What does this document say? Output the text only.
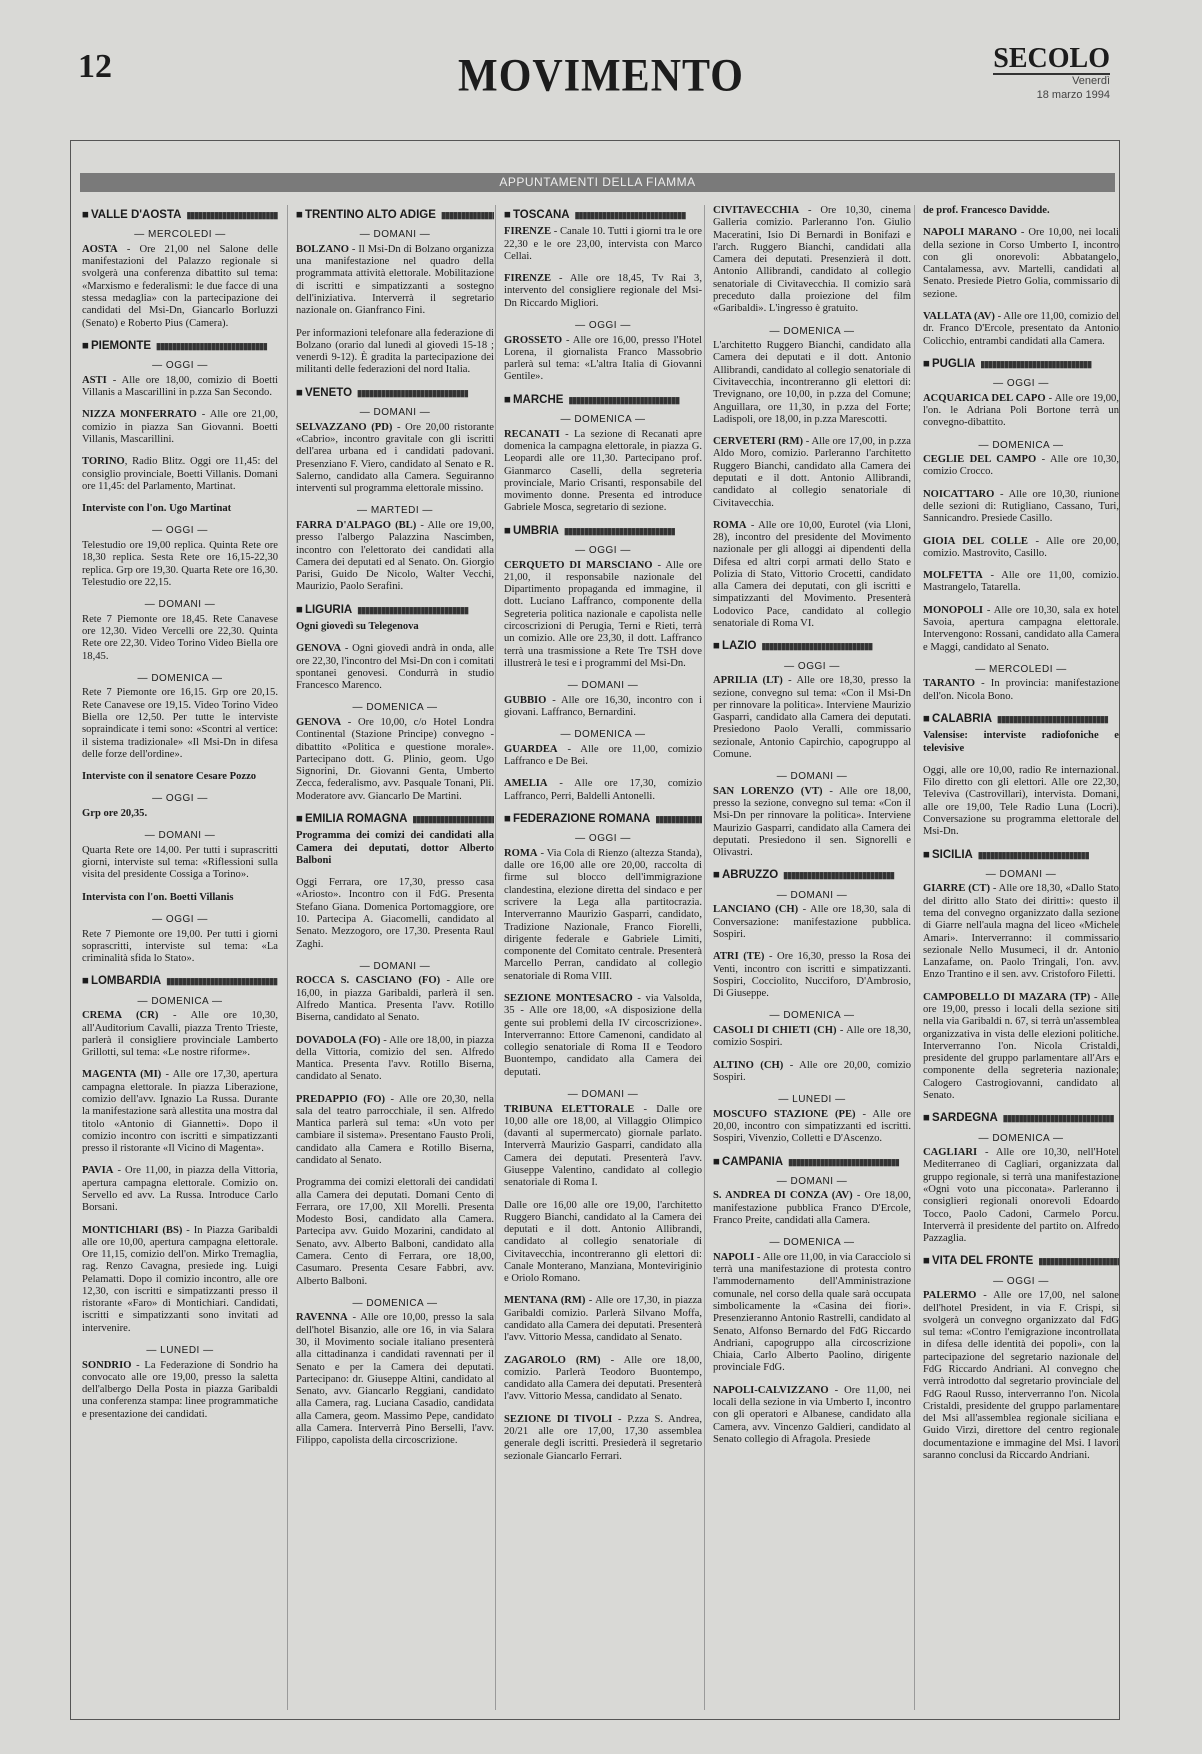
12	MOVIMENTO	SECOLO
Venerdì
18 marzo 1994
APPUNTAMENTI DELLA FIAMMA
■ VALLE D'AOSTA ▮▮▮▮▮▮▮▮▮▮▮▮▮▮▮▮▮▮▮▮▮▮▮▮▮▮▮▮
— MERCOLEDI —

AOSTA - Ore 21,00 nel Salone delle manifestazioni del Palazzo regionale si svolgerà una conferenza dibattito sul tema: «Marxismo e federalismi: le due facce di una stessa medaglia» con la partecipazione dei candidati del Msi-Dn, Giancarlo Borluzzi (Senato) e Roberto Pius (Camera).

■ PIEMONTE ▮▮▮▮▮▮▮▮▮▮▮▮▮▮▮▮▮▮▮▮▮▮▮▮▮▮▮▮
— OGGI —

ASTI - Alle ore 18,00, comizio di Boetti Villanis a Mascarillini in p.zza San Secondo.

NIZZA MONFERRATO - Alle ore 21,00, comizio in piazza San Giovanni. Boetti Villanis, Mascarillini.

TORINO, Radio Blitz. Oggi ore 11,45: del consiglio provinciale, Boetti Villanis. Domani ore 11,45: del Parlamento, Martinat.

Interviste con l'on. Ugo Martinat

— OGGI —

Telestudio ore 19,00 replica. Quinta Rete ore 18,30 replica. Sesta Rete ore 16,15-22,30 replica. Grp ore 19,30. Quarta Rete ore 16,30. Telestudio ore 22,15.

— DOMANI —

Rete 7 Piemonte ore 18,45. Rete Canavese ore 12,30. Video Vercelli ore 22,30. Quinta Rete ore 22,30. Video Torino Video Biella ore 18,45.

— DOMENICA —

Rete 7 Piemonte ore 16,15. Grp ore 20,15. Rete Canavese ore 19,15. Video Torino Video Biella ore 12,50. Per tutte le interviste sopraindicate i temi sono: «Scontri al vertice: il sistema tradizionale» «Il Msi-Dn in difesa delle forze dell'ordine».

Interviste con il senatore Cesare Pozzo

— OGGI —

Grp ore 20,35.

— DOMANI —

Quarta Rete ore 14,00. Per tutti i suprascritti giorni, interviste sul tema: «Riflessioni sulla visita del presidente Cossiga a Torino».

Intervista con l'on. Boetti Villanis

— OGGI —

Rete 7 Piemonte ore 19,00. Per tutti i giorni soprascritti, interviste sul tema: «La criminalità sfida lo Stato».

■ LOMBARDIA ▮▮▮▮▮▮▮▮▮▮▮▮▮▮▮▮▮▮▮▮▮▮▮▮▮▮▮▮
— DOMENICA —

CREMA (CR) - Alle ore 10,30, all'Auditorium Cavalli, piazza Trento Trieste, parlerà il consigliere provinciale Lamberto Grillotti, sul tema: «Le nostre riforme».

MAGENTA (MI) - Alle ore 17,30, apertura campagna elettorale. In piazza Liberazione, comizio dell'avv. Ignazio La Russa. Durante la manifestazione sarà allestita una mostra dal titolo «Antonio di Giannetti». Dopo il comizio incontro con iscritti e simpatizzanti presso il ristorante «Il Vicino di Magenta».

PAVIA - Ore 11,00, in piazza della Vittoria, apertura campagna elettorale. Comizio on. Servello ed avv. La Russa. Introduce Carlo Borsani.

MONTICHIARI (BS) - In Piazza Garibaldi alle ore 10,00, apertura campagna elettorale. Ore 11,15, comizio dell'on. Mirko Tremaglia, rag. Renzo Cavagna, presiede ing. Luigi Pelamatti. Dopo il comizio incontro, alle ore 12,30, con iscritti e simpatizzanti presso il ristorante «Faro» di Montichiari. Candidati, iscritti e simpatizzanti sono invitati ad intervenire.

— LUNEDI —

SONDRIO - La Federazione di Sondrio ha convocato alle ore 19,00, presso la saletta dell'albergo Della Posta in piazza Garibaldi una conferenza stampa: linee programmatiche e presentazione dei candidati.

■ TRENTINO ALTO ADIGE ▮▮▮▮▮▮▮▮▮▮▮▮▮▮▮▮▮▮▮▮▮▮▮▮▮▮▮▮
— DOMANI —

BOLZANO - Il Msi-Dn di Bolzano organizza una manifestazione nel quadro della programmata attività elettorale. Mobilitazione di iscritti e simpatizzanti a sostegno dell'iniziativa. Interverrà il segretario nazionale on. Gianfranco Fini.

Per informazioni telefonare alla federazione di Bolzano (orario dal lunedì al giovedì 15-18 ; venerdì 9-12). È gradita la partecipazione dei militanti delle federazioni del nord Italia.

■ VENETO ▮▮▮▮▮▮▮▮▮▮▮▮▮▮▮▮▮▮▮▮▮▮▮▮▮▮▮▮
— DOMANI —

SELVAZZANO (PD) - Ore 20,00 ristorante «Cabrio», incontro gravitale con gli iscritti dell'area urbana ed i candidati padovani. Presenziano F. Viero, candidato al Senato e R. Salerno, candidato alla Camera. Seguiranno interventi sul programma elettorale missino.

— MARTEDI —

FARRA D'ALPAGO (BL) - Alle ore 19,00, presso l'albergo Palazzina Nascimben, incontro con l'elettorato dei candidati alla Camera dei deputati ed al Senato. On. Giorgio Parisi, Guido De Nicolo, Walter Vecchi, Maurizio, Paolo Serafini.

■ LIGURIA ▮▮▮▮▮▮▮▮▮▮▮▮▮▮▮▮▮▮▮▮▮▮▮▮▮▮▮▮

Ogni giovedì su Telegenova

GENOVA - Ogni giovedì andrà in onda, alle ore 22,30, l'incontro del Msi-Dn con i comitati spontanei genovesi. Condurrà in studio Francesco Marenco.

— DOMENICA —

GENOVA - Ore 10,00, c/o Hotel Londra Continental (Stazione Principe) convegno - dibattito «Politica e questione morale». Partecipano dott. G. Plinio, geom. Ugo Signorini, Dr. Giovanni Genta, Umberto Zecca, federalismo, avv. Pasquale Tonani, Pli. Moderatore avv. Giancarlo De Martini.

■ EMILIA ROMAGNA ▮▮▮▮▮▮▮▮▮▮▮▮▮▮▮▮▮▮▮▮▮▮▮▮▮▮▮▮

Programma dei comizi dei candidati alla Camera dei deputati, dottor Alberto Balboni

Oggi Ferrara, ore 17,30, presso casa «Ariosto». Incontro con il FdG. Presenta Stefano Giana. Domenica Portomaggiore, ore 10. Partecipa A. Giacomelli, candidato al Senato. Mezzogoro, ore 17,30. Presenta Raul Zaghi.

— DOMANI —

ROCCA S. CASCIANO (FO) - Alle ore 16,00, in piazza Garibaldi, parlerà il sen. Alfredo Mantica. Presenta l'avv. Rotillo Biserna, candidato al Senato.

DOVADOLA (FO) - Alle ore 18,00, in piazza della Vittoria, comizio del sen. Alfredo Mantica. Presenta l'avv. Rotillo Biserna, candidato al Senato.

PREDAPPIO (FO) - Alle ore 20,30, nella sala del teatro parrocchiale, il sen. Alfredo Mantica parlerà sul tema: «Un voto per cambiare il sistema». Presentano Fausto Proli, candidato alla Camera e Rotillo Biserna, candidato al Senato.

Programma dei comizi elettorali dei candidati alla Camera dei deputati. Domani Cento di Ferrara, ore 17,00, Xll Morelli. Presenta Modesto Bosi, candidato alla Camera. Partecipa avv. Guido Mozarini, candidato al Senato, avv. Alberto Balboni, candidato alla Camera. Cento di Ferrara, ore 18,00, Casumaro. Presenta Cesare Fabbri, avv. Alberto Balboni.

— DOMENICA —

RAVENNA - Alle ore 10,00, presso la sala dell'hotel Bisanzio, alle ore 16, in via Salara 30, il Movimento sociale italiano presenterà alla cittadinanza i candidati ravennati per il Senato e per la Camera dei deputati. Partecipano: dr. Giuseppe Altini, candidato al Senato, avv. Giancarlo Reggiani, candidato alla Camera, rag. Luciana Casadio, candidata alla Camera, geom. Massimo Pepe, candidato alla Camera. Interverrà Pino Berselli, l'avv. Filippo, capolista della circoscrizione.

■ TOSCANA ▮▮▮▮▮▮▮▮▮▮▮▮▮▮▮▮▮▮▮▮▮▮▮▮▮▮▮▮

FIRENZE - Canale 10. Tutti i giorni tra le ore 22,30 e le ore 23,00, intervista con Marco Cellai.

FIRENZE - Alle ore 18,45, Tv Rai 3, intervento del consigliere regionale del Msi-Dn Riccardo Migliori.

— OGGI —

GROSSETO - Alle ore 16,00, presso l'Hotel Lorena, il giornalista Franco Massobrio parlerà sul tema: «L'altra Italia di Giovanni Gentile».

■ MARCHE ▮▮▮▮▮▮▮▮▮▮▮▮▮▮▮▮▮▮▮▮▮▮▮▮▮▮▮▮
— DOMENICA —

RECANATI - La sezione di Recanati apre domenica la campagna elettorale, in piazza G. Leopardi alle ore 11,30. Partecipano prof. Gianmarco Caselli, della segreteria provinciale, Mario Crisanti, responsabile del movimento donne. Presenta ed introduce Gabriele Mosca, segretario di sezione.

■ UMBRIA ▮▮▮▮▮▮▮▮▮▮▮▮▮▮▮▮▮▮▮▮▮▮▮▮▮▮▮▮
— OGGI —

CERQUETO DI MARSCIANO - Alle ore 21,00, il responsabile nazionale del Dipartimento propaganda ed immagine, il dott. Luciano Laffranco, componente della Segreteria politica nazionale e capolista nelle circoscrizioni di Perugia, Terni e Rieti, terrà un comizio. Alle ore 23,30, il dott. Laffranco terrà una trasmissione a Rete Tre TSH dove illustrerà le tesi e i programmi del Msi-Dn.

— DOMANI —

GUBBIO - Alle ore 16,30, incontro con i giovani. Laffranco, Bernardini.

— DOMENICA —

GUARDEA - Alle ore 11,00, comizio Laffranco e De Bei.

AMELIA - Alle ore 17,30, comizio Laffranco, Perri, Baldelli Antonelli.

■ FEDERAZIONE ROMANA ▮▮▮▮▮▮▮▮▮▮▮▮▮▮▮▮▮▮▮▮▮▮▮▮▮▮▮▮
— OGGI —

ROMA - Via Cola di Rienzo (altezza Standa), dalle ore 16,00 alle ore 20,00, raccolta di firme sul blocco dell'immigrazione clandestina, elezione diretta del sindaco e per scrivere la Lega alla partitocrazia. Interverranno Maurizio Gasparri, candidato, Tradizione Nazionale, Franco Fiorelli, dirigente federale e Gabriele Limiti, componente del Comitato centrale. Presenterà Marcello Perran, candidato al collegio senatoriale di Roma VIII.

SEZIONE MONTESACRO - via Valsolda, 35 - Alle ore 18,00, «A disposizione della gente sui problemi della IV circoscrizione». Interverranno: Ettore Camenoni, candidato al collegio senatoriale di Roma II e Teodoro Buontempo, candidato alla Camera dei deputati.

— DOMANI —

TRIBUNA ELETTORALE - Dalle ore 10,00 alle ore 18,00, al Villaggio Olimpico (davanti al supermercato) giornale parlato. Interverrà Maurizio Gasparri, candidato alla Camera dei deputati. Presenterà l'avv. Giuseppe Valentino, candidato al collegio senatoriale di Roma I.

Dalle ore 16,00 alle ore 19,00, l'architetto Ruggero Bianchi, candidato al la Camera dei deputati e il dott. Antonio Allibrandi, candidato al collegio senatoriale di Civitavecchia, incontreranno gli elettori di: Canale Monterano, Manziana, Monteviriginio e Oriolo Romano.

MENTANA (RM) - Alle ore 17,30, in piazza Garibaldi comizio. Parlerà Silvano Moffa, candidato alla Camera dei deputati. Presenterà l'avv. Vittorio Messa, candidato al Senato.

ZAGAROLO (RM) - Alle ore 18,00, comizio. Parlerà Teodoro Buontempo, candidato alla Camera dei deputati. Presenterà l'avv. Vittorio Messa, candidato al Senato.

SEZIONE DI TIVOLI - P.zza S. Andrea, 20/21 alle ore 17,00, 17,30 assemblea generale degli iscritti. Presiederà il segretario sezionale Giancarlo Ferrari.

CIVITAVECCHIA - Ore 10,30, cinema Galleria comizio. Parleranno l'on. Giulio Maceratini, Isio Di Bernardi in Bonifazi e l'arch. Ruggero Bianchi, candidati alla Camera dei deputati. Presenzierà il dott. Antonio Allibrandi, candidato al collegio senatoriale di Civitavecchia. Il comizio sarà preceduto dalla proiezione del film «Garibaldi». L'ingresso è gratuito.

— DOMENICA —

L'architetto Ruggero Bianchi, candidato alla Camera dei deputati e il dott. Antonio Allibrandi, candidato al collegio senatoriale di Civitavecchia, incontreranno gli elettori di: Trevignano, ore 10,00, in p.zza del Comune; Anguillara, ore 11,30, in p.zza del Forte; Ladispoli, ore 18,00, in p.zza Marescotti.

CERVETERI (RM) - Alle ore 17,00, in p.zza Aldo Moro, comizio. Parleranno l'architetto Ruggero Bianchi, candidato alla Camera dei deputati e il dott. Antonio Allibrandi, candidato al collegio senatoriale di Civitavecchia.

ROMA - Alle ore 10,00, Eurotel (via Lloni, 28), incontro del presidente del Movimento nazionale per gli alloggi ai dipendenti della Difesa ed altri corpi armati dello Stato e Polizia di Stato, Vittorio Crocetti, candidato alla Camera dei deputati, con gli iscritti e simpatizzanti del Movimento. Presenterà Lodovico Pace, candidato al collegio senatoriale di Roma VI.

■ LAZIO ▮▮▮▮▮▮▮▮▮▮▮▮▮▮▮▮▮▮▮▮▮▮▮▮▮▮▮▮
— OGGI —

APRILIA (LT) - Alle ore 18,30, presso la sezione, convegno sul tema: «Con il Msi-Dn per rinnovare la politica». Interviene Maurizio Gasparri, candidato alla Camera dei deputati. Presiedono Paolo Veralli, commissario sezionale, Antonio Capirchio, capogruppo al Comune.

— DOMANI —

SAN LORENZO (VT) - Alle ore 18,00, presso la sezione, convegno sul tema: «Con il Msi-Dn per rinnovare la politica». Interviene Maurizio Gasparri, candidato alla Camera dei deputati. Presiedono il sen. Signorelli e Olivastri.

■ ABRUZZO ▮▮▮▮▮▮▮▮▮▮▮▮▮▮▮▮▮▮▮▮▮▮▮▮▮▮▮▮
— DOMANI —

LANCIANO (CH) - Alle ore 18,30, sala di Conversazione: manifestazione pubblica. Sospiri.

ATRI (TE) - Ore 16,30, presso la Rosa dei Venti, incontro con iscritti e simpatizzanti. Sospiri, Cocciolito, Nucciforo, D'Ambrosio, Di Giuseppe.

— DOMENICA —

CASOLI DI CHIETI (CH) - Alle ore 18,30, comizio Sospiri.

ALTINO (CH) - Alle ore 20,00, comizio Sospiri.

— LUNEDI —

MOSCUFO STAZIONE (PE) - Alle ore 20,00, incontro con simpatizzanti ed iscritti. Sospiri, Vivenzio, Colletti e D'Ascenzo.

■ CAMPANIA ▮▮▮▮▮▮▮▮▮▮▮▮▮▮▮▮▮▮▮▮▮▮▮▮▮▮▮▮
— DOMANI —

S. ANDREA DI CONZA (AV) - Ore 18,00, manifestazione pubblica Franco D'Ercole, Franco Preite, candidati alla Camera.

— DOMENICA —

NAPOLI - Alle ore 11,00, in via Caracciolo si terrà una manifestazione di protesta contro l'ammodernamento dell'Amministrazione comunale, nel corso della quale sarà occupata simbolicamente la «Casina dei fiori». Presenzieranno Antonio Rastrelli, candidato al Senato, Alfonso Bernardo del FdG Riccardo Andriani, capogruppo alla circoscrizione Chiaia, Carlo Alberto Paolino, dirigente provinciale FdG.

NAPOLI-CALVIZZANO - Ore 11,00, nei locali della sezione in via Umberto I, incontro con gli operatori e Albanese, candidato alla Camera, avv. Vincenzo Galdieri, candidato al Senato collegio di Afragola. Presiede

de prof. Francesco Davidde.

NAPOLI MARANO - Ore 10,00, nei locali della sezione in Corso Umberto I, incontro con gli onorevoli: Abbatangelo, Cantalamessa, avv. Martelli, candidati al Senato. Presiede Pietro Golia, commissario di sezione.

VALLATA (AV) - Alle ore 11,00, comizio del dr. Franco D'Ercole, presentato da Antonio Colicchio, entrambi candidati alla Camera.

■ PUGLIA ▮▮▮▮▮▮▮▮▮▮▮▮▮▮▮▮▮▮▮▮▮▮▮▮▮▮▮▮
— OGGI —

ACQUARICA DEL CAPO - Alle ore 19,00, l'on. le Adriana Poli Bortone terrà un convegno-dibattito.

— DOMENICA —

CEGLIE DEL CAMPO - Alle ore 10,30, comizio Crocco.

NOICATTARO - Alle ore 10,30, riunione delle sezioni di: Rutigliano, Cassano, Turi, Sannicandro. Presiede Casillo.

GIOIA DEL COLLE - Alle ore 20,00, comizio. Mastrovito, Casillo.

MOLFETTA - Alle ore 11,00, comizio. Mastrangelo, Tatarella.

MONOPOLI - Alle ore 10,30, sala ex hotel Savoia, apertura campagna elettorale. Intervengono: Rossani, candidato alla Camera e Maggi, candidato al Senato.

— MERCOLEDI —

TARANTO - In provincia: manifestazione dell'on. Nicola Bono.

■ CALABRIA ▮▮▮▮▮▮▮▮▮▮▮▮▮▮▮▮▮▮▮▮▮▮▮▮▮▮▮▮

Valensise: interviste radiofoniche e televisive

Oggi, alle ore 10,00, radio Re internazional. Filo diretto con gli elettori. Alle ore 22,30, Televiva (Castrovillari), intervista. Domani, alle ore 19,00, Tele Radio Luna (Locri). Conversazione su programma elettorale del Msi-Dn.

■ SICILIA ▮▮▮▮▮▮▮▮▮▮▮▮▮▮▮▮▮▮▮▮▮▮▮▮▮▮▮▮
— DOMANI —

GIARRE (CT) - Alle ore 18,30, «Dallo Stato del diritto allo Stato dei diritti»: questo il tema del convegno organizzato dalla sezione di Giarre nell'aula magna del liceo «Michele Amari». Interverranno: il commissario sezionale Nello Musumeci, il dr. Antonio Lanzafame, on. Paolo Tringali, l'on. avv. Enzo Trantino e il sen. avv. Cristoforo Filetti.

CAMPOBELLO DI MAZARA (TP) - Alle ore 19,00, presso i locali della sezione siti nella via Garibaldi n. 67, si terrà un'assemblea organizzativa in vista delle elezioni politiche. Interverranno l'on. Nicola Cristaldi, presidente del gruppo parlamentare all'Ars e componente della segreteria nazionale; Calogero Castrogiovanni, candidato al Senato.

■ SARDEGNA ▮▮▮▮▮▮▮▮▮▮▮▮▮▮▮▮▮▮▮▮▮▮▮▮▮▮▮▮
— DOMENICA —

CAGLIARI - Alle ore 10,30, nell'Hotel Mediterraneo di Cagliari, organizzata dal gruppo regionale, si terrà una manifestazione «Ogni voto una picconata». Parleranno i consiglieri regionali onorevoli Edoardo Tocco, Paolo Cadoni, Carmelo Porcu. Interverrà il presidente del partito on. Alfredo Pazzaglia.

■ VITA DEL FRONTE ▮▮▮▮▮▮▮▮▮▮▮▮▮▮▮▮▮▮▮▮▮▮▮▮▮▮▮▮
— OGGI —

PALERMO - Alle ore 17,00, nel salone dell'hotel President, in via F. Crispi, si svolgerà un convegno organizzato dal FdG sul tema: «Contro l'emigrazione incontrollata in difesa delle identità dei popoli», con la partecipazione del segretario nazionale del FdG Riccardo Andriani. Al convegno che verrà introdotto dal segretario provinciale del FdG Raoul Russo, interverranno l'on. Nicola Cristaldi, presidente del gruppo parlamentare del Msi all'assemblea regionale siciliana e Guido Virzì, direttore del centro regionale documentazione e immagine del Msi. I lavori saranno conclusi da Riccardo Andriani.
